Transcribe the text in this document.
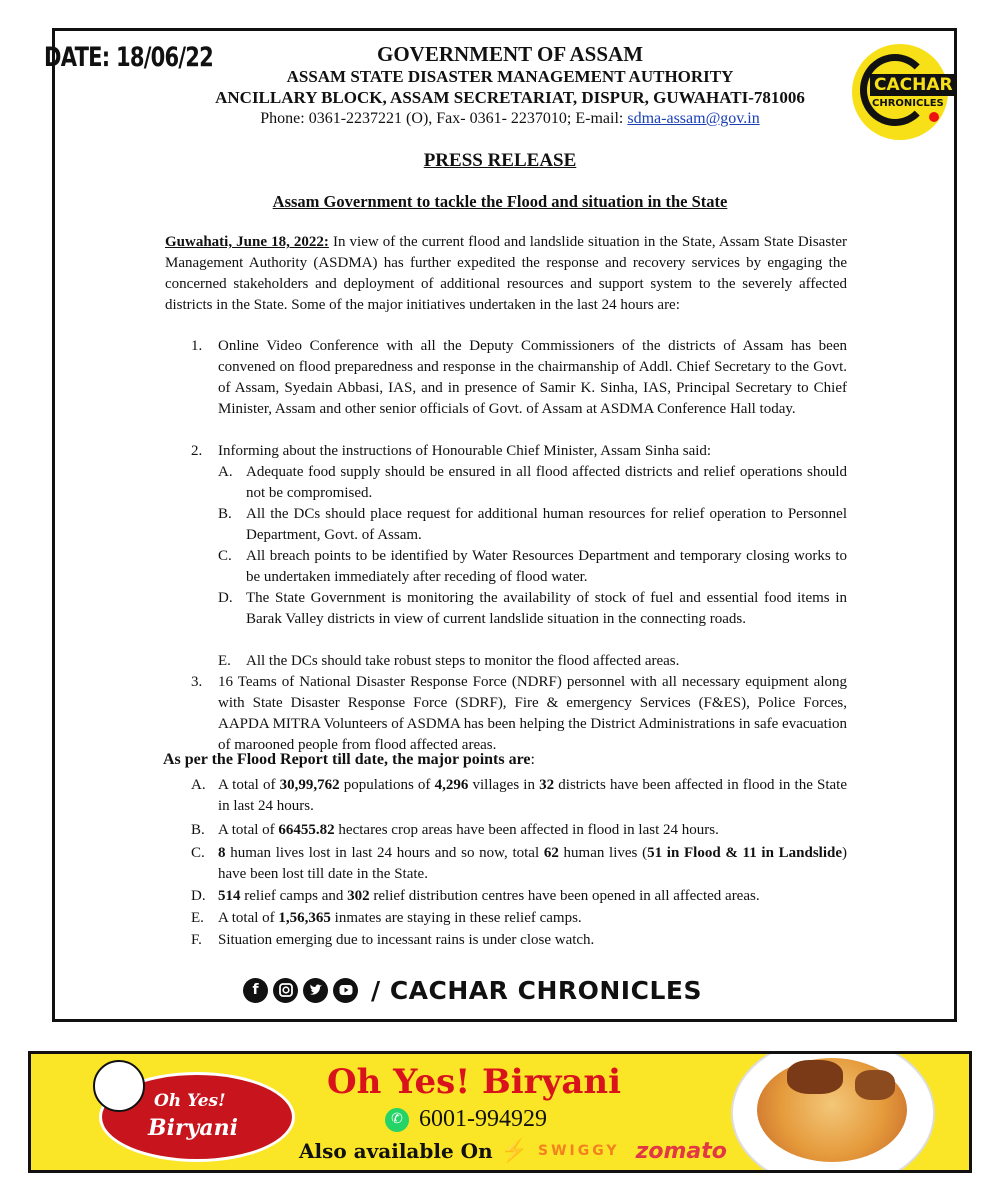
DATE: 18/06/22	GOVERNMENT OF ASSAM
ASSAM STATE DISASTER MANAGEMENT AUTHORITY
ANCILLARY BLOCK, ASSAM SECRETARIAT, DISPUR, GUWAHATI-781006
Phone: 0361-2237221 (O), Fax- 0361- 2237010; E-mail: sdma-assam@gov.in
CACHAR
CHRONICLES
PRESS RELEASE
Assam Government to tackle the Flood and situation in the State
Guwahati, June 18, 2022: In view of the current flood and landslide situation in the State, Assam State Disaster Management Authority (ASDMA) has further expedited the response and recovery services by engaging the concerned stakeholders and deployment of additional resources and support system to the severely affected districts in the State. Some of the major initiatives undertaken in the last 24 hours are:
1. Online Video Conference with all the Deputy Commissioners of the districts of Assam has been convened on flood preparedness and response in the chairmanship of Addl. Chief Secretary to the Govt. of Assam, Syedain Abbasi, IAS, and in presence of Samir K. Sinha, IAS, Principal Secretary to Chief Minister, Assam and other senior officials of Govt. of Assam at ASDMA Conference Hall today.
2. Informing about the instructions of Honourable Chief Minister, Assam Sinha said:
A. Adequate food supply should be ensured in all flood affected districts and relief operations should not be compromised.
B. All the DCs should place request for additional human resources for relief operation to Personnel Department, Govt. of Assam.
C. All breach points to be identified by Water Resources Department and temporary closing works to be undertaken immediately after receding of flood water.
D. The State Government is monitoring the availability of stock of fuel and essential food items in Barak Valley districts in view of current landslide situation in the connecting roads.
E. All the DCs should take robust steps to monitor the flood affected areas.
3. 16 Teams of National Disaster Response Force (NDRF) personnel with all necessary equipment along with State Disaster Response Force (SDRF), Fire & emergency Services (F&ES), Police Forces, AAPDA MITRA Volunteers of ASDMA has been helping the District Administrations in safe evacuation of marooned people from flood affected areas.
As per the Flood Report till date, the major points are:
A. A total of 30,99,762 populations of 4,296 villages in 32 districts have been affected in flood in the State in last 24 hours.
B. A total of 66455.82 hectares crop areas have been affected in flood in last 24 hours.
C. 8 human lives lost in last 24 hours and so now, total 62 human lives (51 in Flood & 11 in Landslide) have been lost till date in the State.
D. 514 relief camps and 302 relief distribution centres have been opened in all affected areas.
E. A total of 1,56,365 inmates are staying in these relief camps.
F. Situation emerging due to incessant rains is under close watch.
f	/ CACHAR CHRONICLES
Oh Yes!
Biryani
Oh Yes! Biryani
✆ 6001-994929
Also available On ⚡ SWIGGY zomato
